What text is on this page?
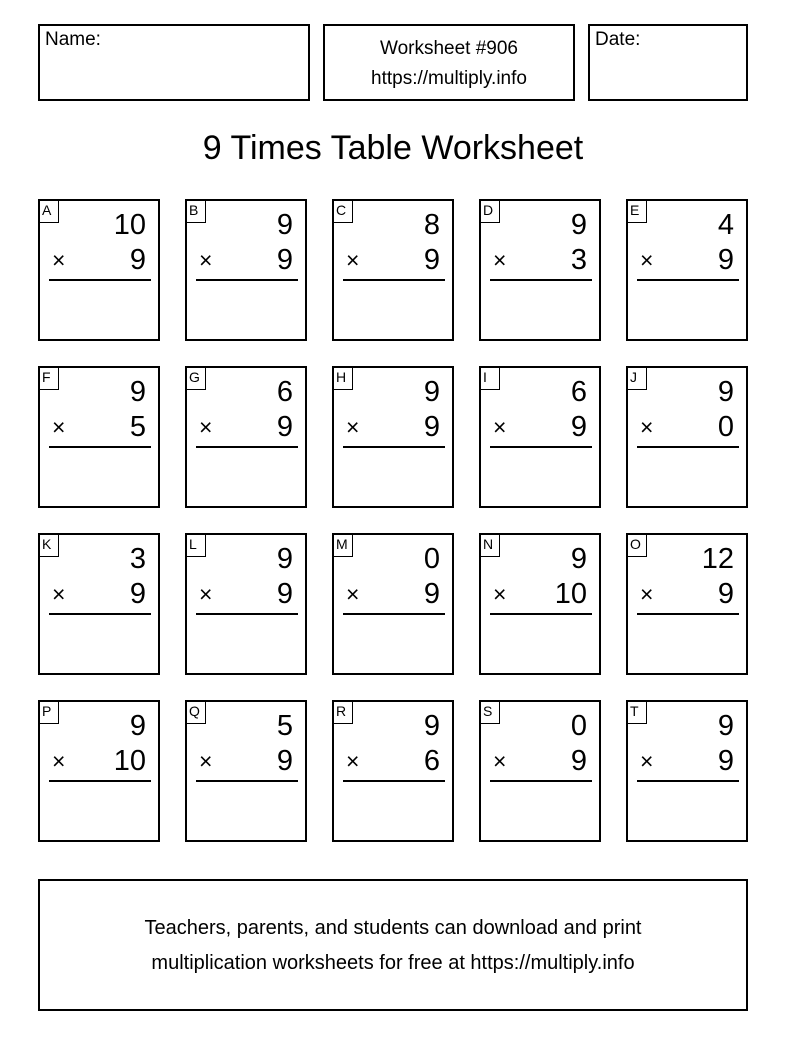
Name:	Worksheet #906
https://multiply.info
Date:
9 Times Table Worksheet
A 10
× 9
B	9
× 9
C	8
× 9
D	9
× 3
E	4
× 9
F	9
× 5
G	6
× 9
H	9
× 9
I	6
× 9
J	9
× 0
K	3
× 9
L	9
× 9
M	0
× 9
N	9
× 10
O 12
× 9
P	9
× 10
Q	5
× 9
R	9
× 6
S	0
× 9
T	9
× 9
Teachers, parents, and students can download and print
multiplication worksheets for free at https://multiply.info
